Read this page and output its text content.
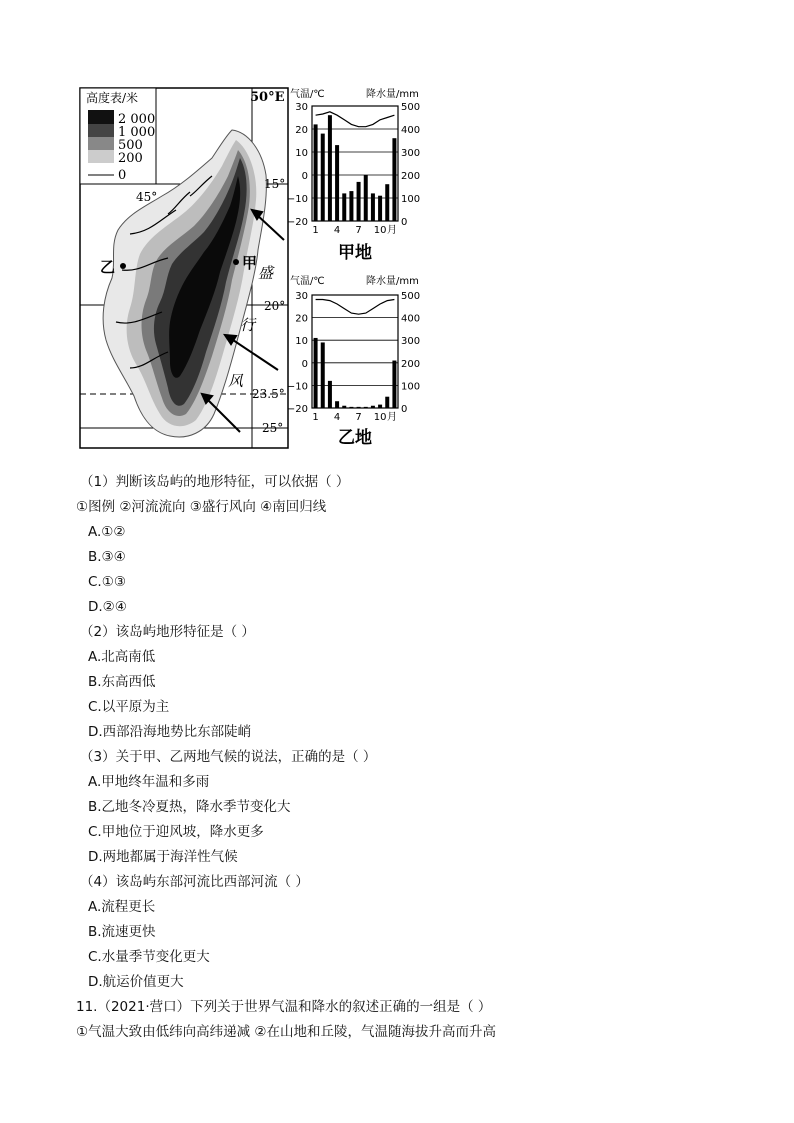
高度表/米
2 000
1 000
500
200
0
50°E
45°
15°
20°
23.5°
25°
甲
乙	盛
行
风
气温/℃	降水量/mm
30	500
20	400
10	300
0	200
−10	100
−20	0
1 4 7 10 月
甲地
气温/℃	降水量/mm
30	500
20	400
10	300
0	200
−10	100
−20	0
1 4 7 10 月
乙地
（1）判断该岛屿的地形特征，可以依据（ ）
①图例 ②河流流向 ③盛行风向 ④南回归线
A.①②
B.③④
C.①③
D.②④
（2）该岛屿地形特征是（ ）
A.北高南低
B.东高西低
C.以平原为主
D.西部沿海地势比东部陡峭
（3）关于甲、乙两地气候的说法，正确的是（ ）
A.甲地终年温和多雨
B.乙地冬冷夏热，降水季节变化大
C.甲地位于迎风坡，降水更多
D.两地都属于海洋性气候
（4）该岛屿东部河流比西部河流（ ）
A.流程更长
B.流速更快
C.水量季节变化更大
D.航运价值更大
11.（2021·营口）下列关于世界气温和降水的叙述正确的一组是（ ）
①气温大致由低纬向高纬递减 ②在山地和丘陵，气温随海拔升高而升高
